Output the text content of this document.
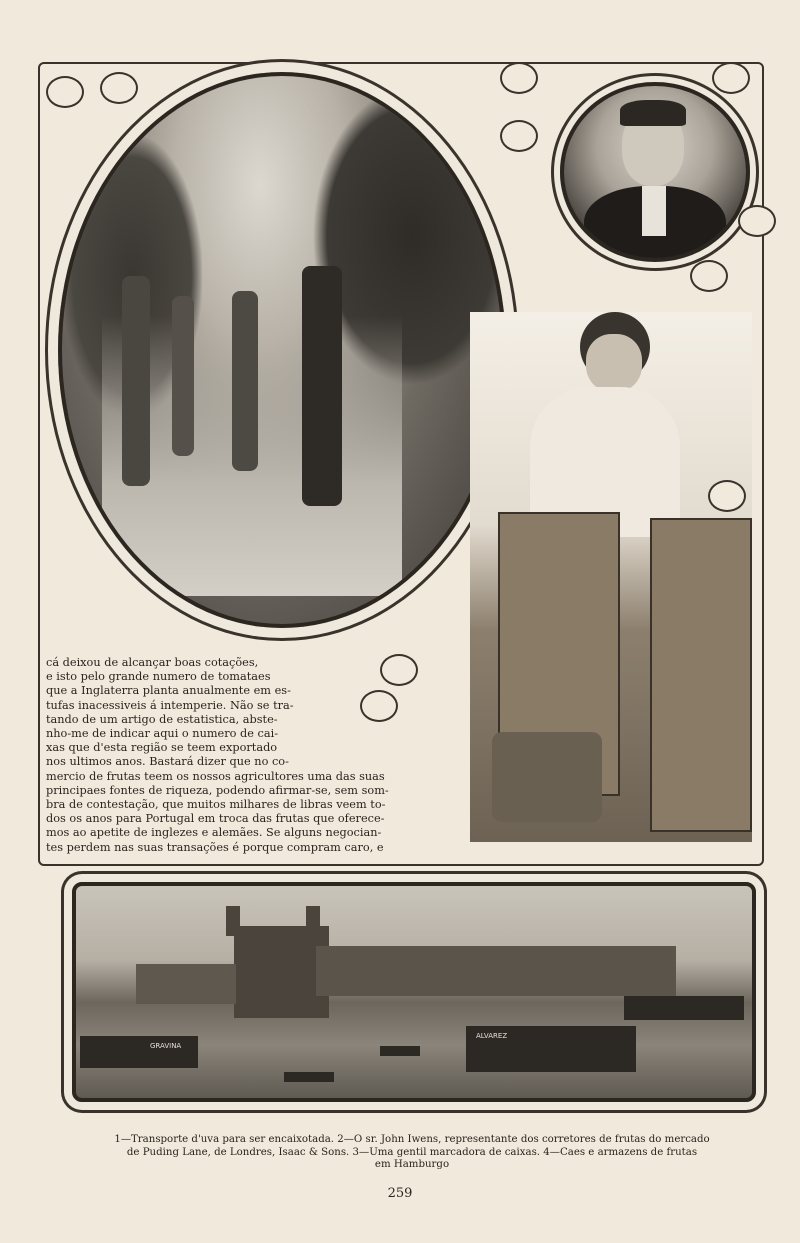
GRAVINA
ALVAREZ

cá deixou de alcançar boas cotações,

e isto pelo grande numero de tomataes

que a Inglaterra planta anualmente em es-

tufas inacessiveis á intemperie. Não se tra-

tando de um artigo de estatistica, abste-

nho-me de indicar aqui o numero de cai-

xas que d'esta região se teem exportado

nos ultimos anos. Bastará dizer que no co-

mercio de frutas teem os nossos agricultores uma das suas

principaes fontes de riqueza, podendo afirmar-se, sem som-

bra de contestação, que muitos milhares de libras veem to-

dos os anos para Portugal em troca das frutas que oferece-

mos ao apetite de inglezes e alemães. Se alguns negocian-

tes perdem nas suas transações é porque compram caro, e

1—Transporte d'uva para ser encaixotada. 2—O sr. John Iwens, representante dos corretores de frutas do mercado
de Puding Lane, de Londres, Isaac & Sons. 3—Uma gentil marcadora de caixas. 4—Caes e armazens de frutas
em Hamburgo
259
